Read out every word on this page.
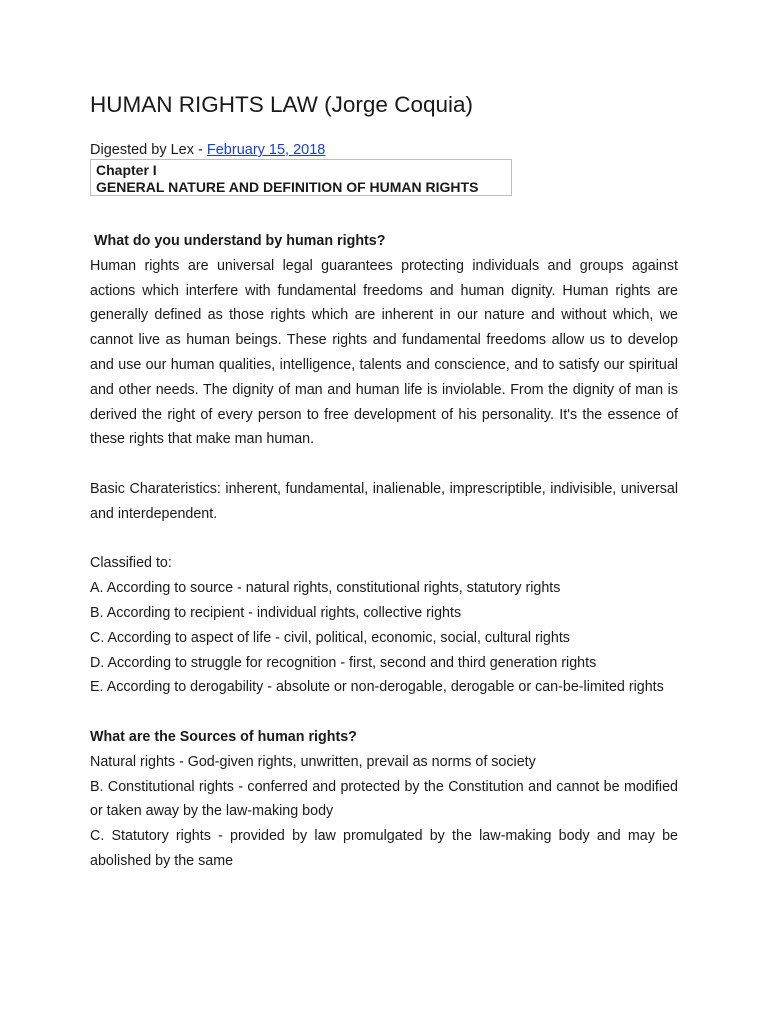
HUMAN RIGHTS LAW (Jorge Coquia)
Digested by Lex - February 15, 2018
Chapter I
GENERAL NATURE AND DEFINITION OF HUMAN RIGHTS

What do you understand by human rights?

Human rights are universal legal guarantees protecting individuals and groups against actions which interfere with fundamental freedoms and human dignity. Human rights are generally defined as those rights which are inherent in our nature and without which, we cannot live as human beings. These rights and fundamental freedoms allow us to develop and use our human qualities, intelligence, talents and conscience, and to satisfy our spiritual and other needs. The dignity of man and human life is inviolable. From the dignity of man is derived the right of every person to free development of his personality. It's the essence of these rights that make man human.

Basic Charateristics: inherent, fundamental, inalienable, imprescriptible, indivisible, universal and interdependent.

Classified to:

A. According to source - natural rights, constitutional rights, statutory rights

B. According to recipient - individual rights, collective rights

C. According to aspect of life - civil, political, economic, social, cultural rights

D. According to struggle for recognition - first, second and third generation rights

E. According to derogability - absolute or non-derogable, derogable or can-be-limited rights

What are the Sources of human rights?

Natural rights - God-given rights, unwritten, prevail as norms of society

B. Constitutional rights - conferred and protected by the Constitution and cannot be modified or taken away by the law-making body

C. Statutory rights - provided by law promulgated by the law-making body and may be abolished by the same
